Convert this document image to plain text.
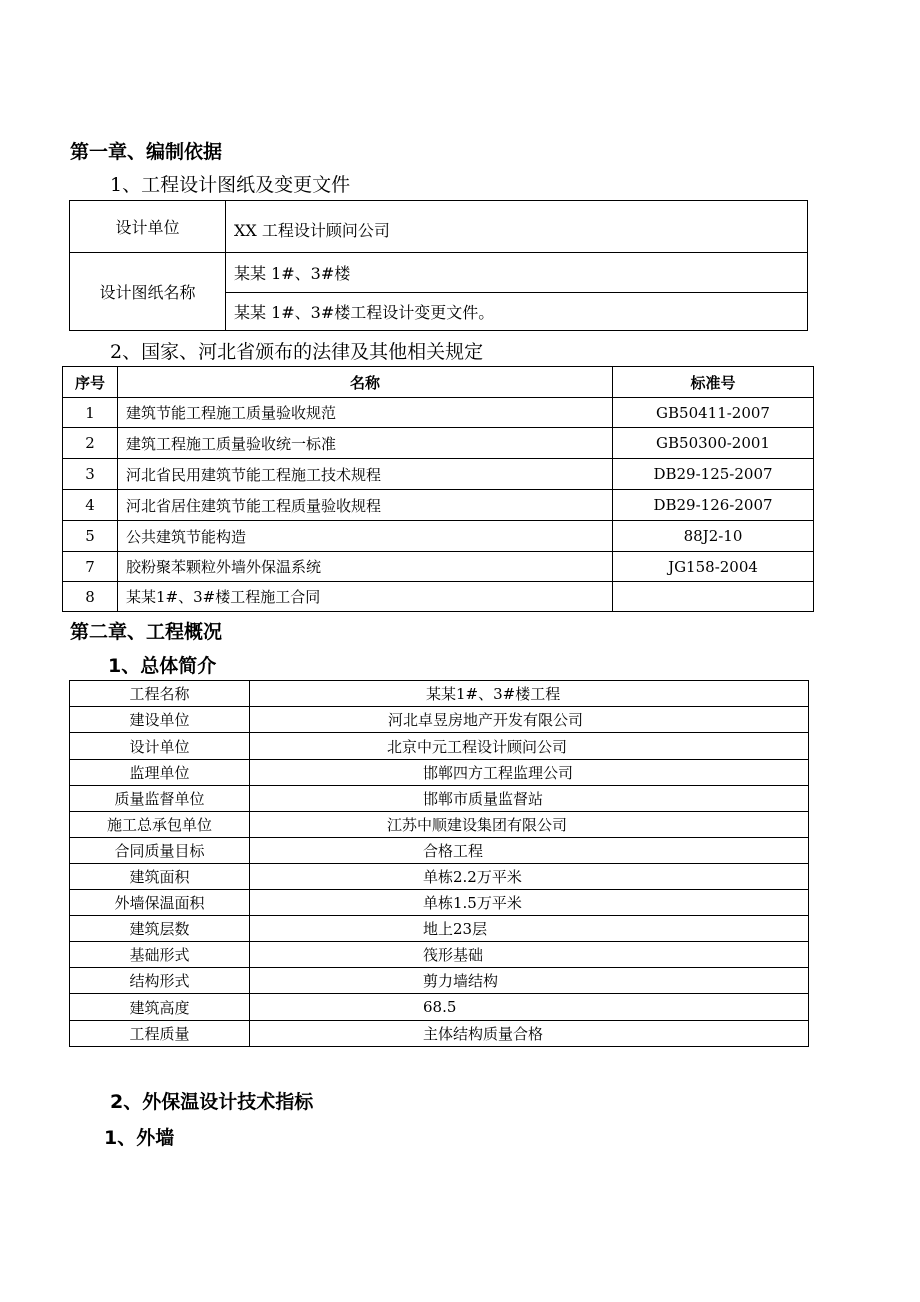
第一章、编制依据
1、工程设计图纸及变更文件
设计单位	XX 工程设计顾问公司
设计图纸名称	某某 1#、3#楼
	某某 1#、3#楼工程设计变更文件。
2、国家、河北省颁布的法律及其他相关规定
序号	名称	标准号
1	建筑节能工程施工质量验收规范	GB50411-2007
2	建筑工程施工质量验收统一标准	GB50300-2001
3	河北省民用建筑节能工程施工技术规程	DB29-125-2007
4	河北省居住建筑节能工程质量验收规程	DB29-126-2007
5	公共建筑节能构造	88J2-10
7	胶粉聚苯颗粒外墙外保温系统	JG158-2004
8	某某1#、3#楼工程施工合同	
第二章、工程概况
1、总体简介
工程名称	某某1#、3#楼工程
建设单位	河北卓昱房地产开发有限公司
设计单位	北京中元工程设计顾问公司
监理单位	邯郸四方工程监理公司
质量监督单位	邯郸市质量监督站
施工总承包单位	江苏中顺建设集团有限公司
合同质量目标	合格工程
建筑面积	单栋2.2万平米
外墙保温面积	单栋1.5万平米
建筑层数	地上23层
基础形式	筏形基础
结构形式	剪力墙结构
建筑高度	68.5
工程质量	主体结构质量合格
2、外保温设计技术指标
1、外墙
